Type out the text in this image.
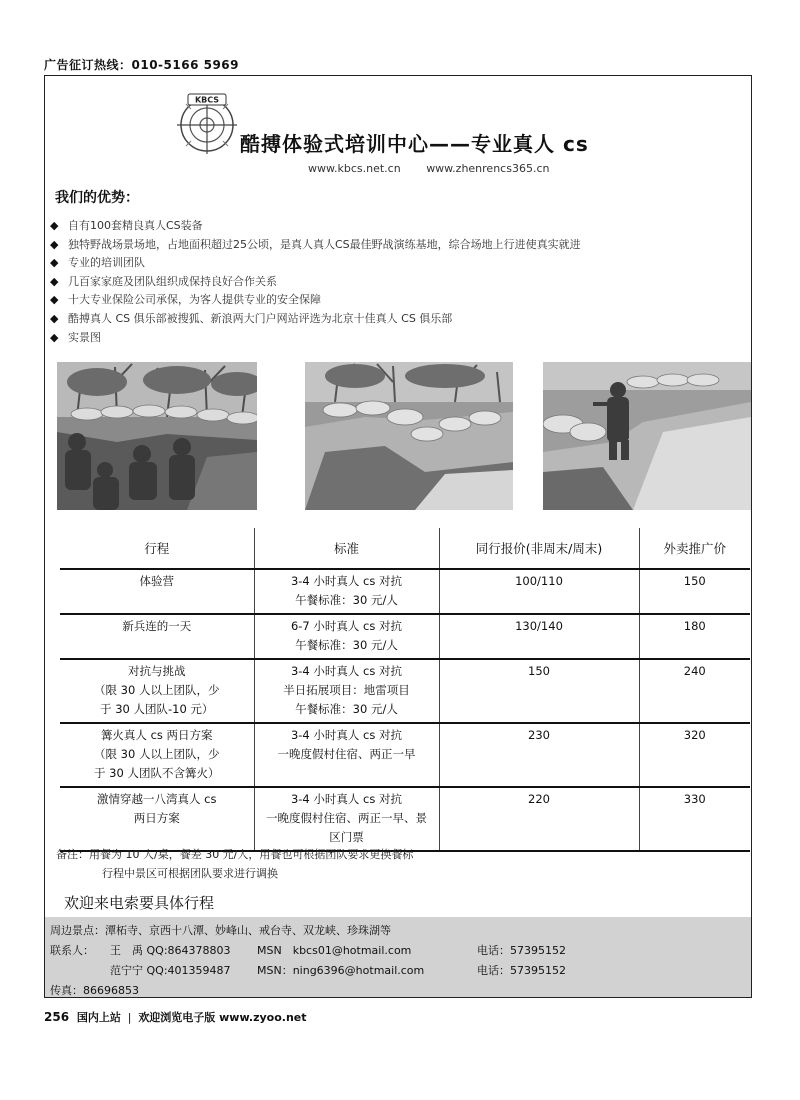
广告征订热线：010-5166 5969
KBCS
酷搏体验式培训中心——专业真人 cs
www.kbcs.net.cn www.zhenrencs365.cn
我们的优势：
◆ 自有100套精良真人CS装备
◆ 独特野战场景场地，占地面积超过25公顷，是真人真人CS最佳野战演练基地，综合场地上行进使真实就进
◆ 专业的培训团队
◆ 几百家家庭及团队组织成保持良好合作关系
◆ 十大专业保险公司承保，为客人提供专业的安全保障
◆ 酷搏真人 CS 俱乐部被搜狐、新浪两大门户网站评选为北京十佳真人 CS 俱乐部
◆ 实景图
行程	标准	同行报价(非周末/周末)	外卖推广价

体验营	3-4 小时真人 cs 对抗
午餐标准：30 元/人	100/110	150

新兵连的一天	6-7 小时真人 cs 对抗
午餐标准：30 元/人	130/140	180

对抗与挑战
（限 30 人以上团队，少
于 30 人团队-10 元）	3-4 小时真人 cs 对抗
半日拓展项目：地雷项目
午餐标准：30 元/人	150	240

篝火真人 cs 两日方案
（限 30 人以上团队，少
于 30 人团队不含篝火）	3-4 小时真人 cs 对抗
一晚度假村住宿、两正一早	230	320

激情穿越一八湾真人 cs
两日方案	3-4 小时真人 cs 对抗
一晚度假村住宿、两正一早、景
区门票	220	330
备注：用餐为 10 人/桌，餐差 30 元/人，用餐也可根据团队要求更换餐标
行程中景区可根据团队要求进行调换
欢迎来电索要具体行程
周边景点：潭柘寺、京西十八潭、妙峰山、戒台寺、双龙峡、珍珠湖等
联系人： 王　禹 QQ:864378803 MSN　kbcs01@hotmail.com	电话：57395152
范宁宁 QQ:401359487 MSN：ning6396@hotmail.com	电话：57395152
传真：86696853
256 国内上站 | 欢迎浏览电子版 www.zyoo.net
